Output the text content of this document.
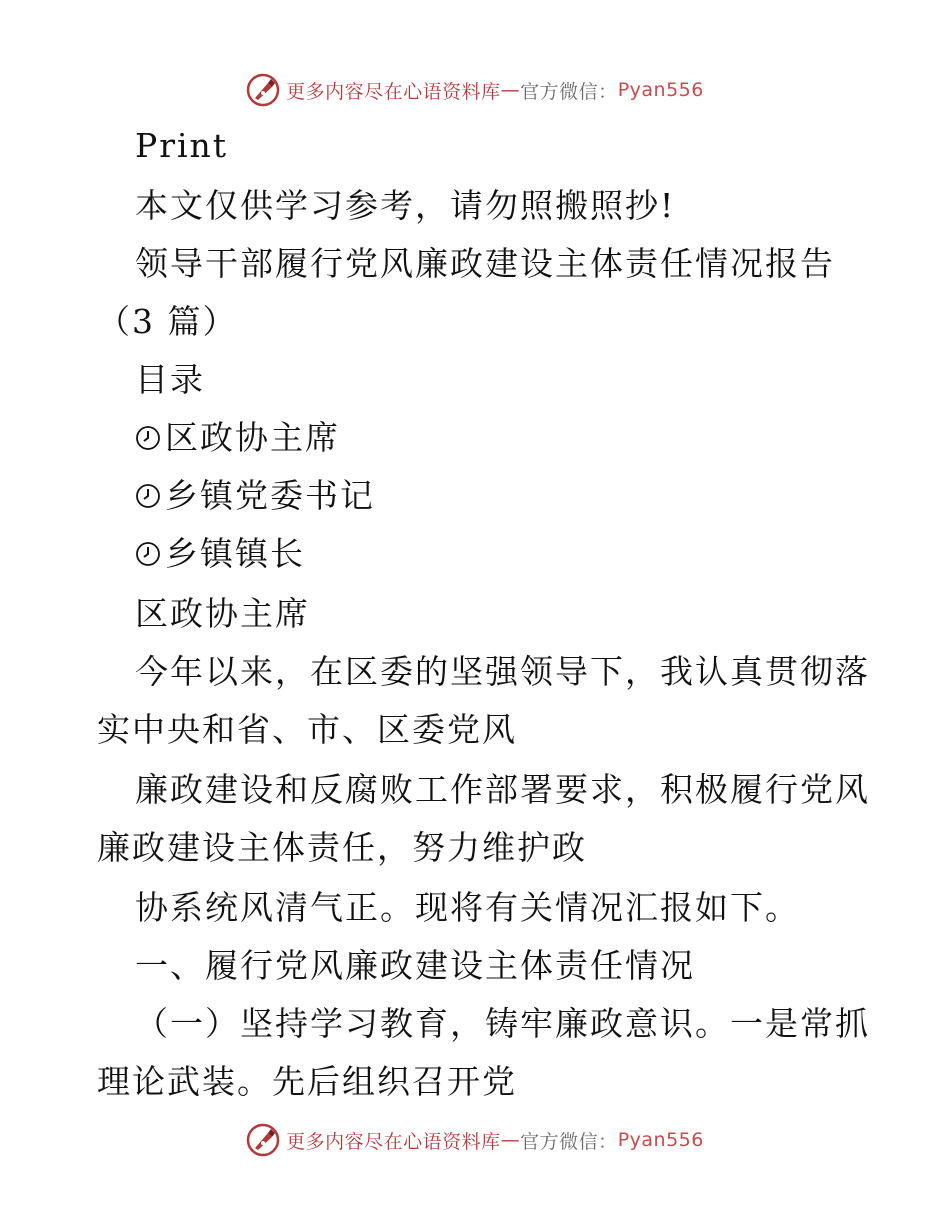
更多内容尽在心语资料库 — 官方微信： Pyan556
Print
本文仅供学习参考，请勿照搬照抄!
领导干部履行党风廉政建设主体责任情况报告
（3 篇）
目录
区政协主席
乡镇党委书记
乡镇镇长
区政协主席
今年以来，在区委的坚强领导下，我认真贯彻落
实中央和省、市、区委党风
廉政建设和反腐败工作部署要求，积极履行党风
廉政建设主体责任，努力维护政
协系统风清气正。现将有关情况汇报如下。
一、履行党风廉政建设主体责任情况
（一）坚持学习教育，铸牢廉政意识。一是常抓
理论武装。先后组织召开党
更多内容尽在心语资料库 — 官方微信： Pyan556
